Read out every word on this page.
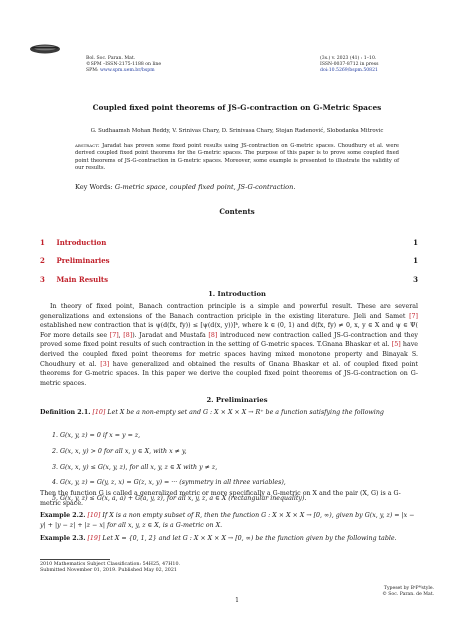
Bol. Soc. Paran. Mat.
©SPM –ISSN-2175-1188 on line
SPM: www.spm.uem.br/bspm
(3s.) v. 2023 (41) : 1–10.
ISSN-0037-8712 in press
doi:10.5269/bspm.50821
Coupled fixed point theorems of JS-G-contraction on G-Metric Spaces
G. Sudhaamsh Mohan Reddy, V. Srinivas Chary, D. Srinivasa Chary, Stojan Radenović, Slobodanka Mitrovic
abstract: Jaradat has proven some fixed point results using JS-contraction on G-metric spaces. Choudhury et al. were derived coupled fixed point theorems for the G-metric spaces. The purpose of this paper is to prove some coupled fixed point theorems of JS-G-contraction in G-metric spaces. Moreover, some example is presented to illustrate the validity of our results.
Key Words: G-metric space, coupled fixed point, JS-G-contraction.
Contents
1 Introduction	1
2 Preliminaries	1
3 Main Results	3
1. Introduction
In theory of fixed point, Banach contraction principle is a simple and powerful result. These are several generalizations and extensions of the Banach contraction priciple in the existing literature. Jleli and Samet [7] established new contraction that is ψ(d(fx, fy)) ≤ [ψ(d(x, y))]ᵏ, where k ∈ (0, 1) and d(fx, fy) ≠ 0, x, y ∈ X and ψ ∈ Ψ( For more details see [7], [8]). Jaradat and Mustafa [8] introduced new contraction called JS-G-contraction and they proved some fixed point results of such contraction in the setting of G-metric spaces. T.Gnana Bhaskar et al. [5] have derived the coupled fixed point theorems for metric spaces having mixed monotone property and Binayak S. Choudhury et al. [3] have generalized and obtained the results of Gnana Bhaskar et al. of coupled fixed point theorems for G-metric spaces. In this paper we derive the coupled fixed point theorems of JS-G-contraction on G- metric spaces.
2. Preliminaries
Definition 2.1. [10] Let X be a non-empty set and G : X × X × X → R⁺ be a function satisfying the following
1. G(x, y, z) = 0 if x = y = z,
2. G(x, x, y) > 0 for all x, y ∈ X, with x ≠ y,
3. G(x, x, y) ≤ G(x, y, z), for all x, y, z ∈ X with y ≠ z,
4. G(x, y, z) = G(y, z, x) = G(z, x, y) = ··· (symmetry in all three variables),
5. G(x, y, z) ≤ G(x, a, a) + G(a, y, z), for all x, y, z, a ∈ X (rectangular inequality).
Then the function G is called a generalized metric or more specifically a G-metric on X and the pair (X, G) is a G-metric space.
Example 2.2. [10] If X is a non empty subset of R, then the function G : X × X × X → [0, ∞), given by G(x, y, z) = |x − y| + |y − z| + |z − x| for all x, y, z ∈ X, is a G-metric on X.
Example 2.3. [19] Let X = {0, 1, 2} and let G : X × X × X → [0, ∞) be the function given by the following table.
2010 Mathematics Subject Classification: 54H25, 47H10.
Submitted November 01, 2019. Published May 02, 2021
Typeset by BˢPᴹstyle.
© Soc. Paran. de Mat.
1
